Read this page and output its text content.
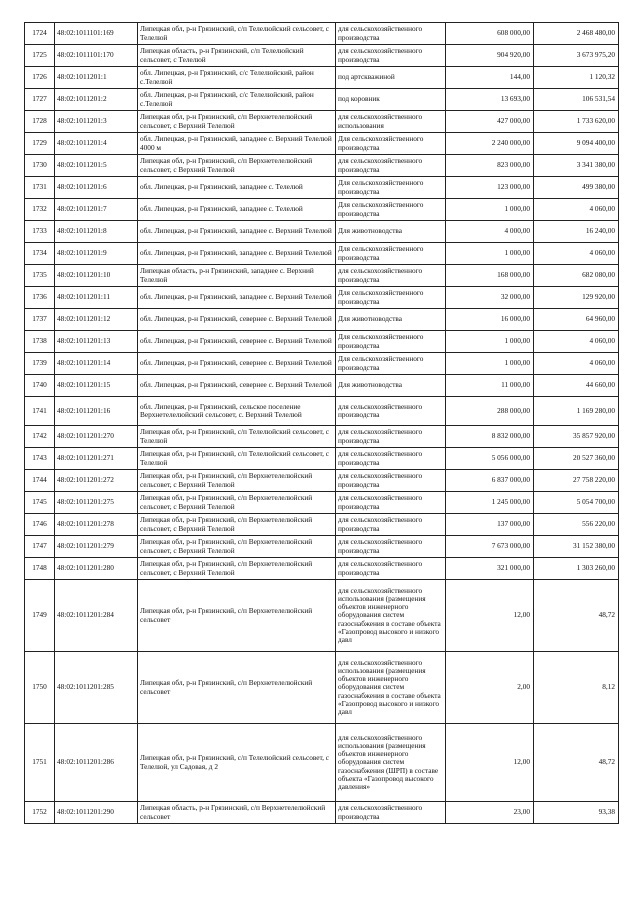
1724	48:02:1011101:169	Липецкая обл, р-н Грязинский, с/п Телелюйский сельсовет, с Телелюй	для сельскохозяйственного производства	608 000,00	2 468 480,00
1725	48:02:1011101:170	Липецкая область, р-н Грязинский, с/п Телелюйский сельсовет, с Телелюй	для сельскохозяйственного производства	904 920,00	3 673 975,20
1726	48:02:1011201:1	обл. Липецкая, р-н Грязинский, с/с Телелюйский, район с.Телелюй	под артскважиной	144,00	1 120,32
1727	48:02:1011201:2	обл. Липецкая, р-н Грязинский, с/с Телелюйский, район с.Телелюй	под коровник	13 693,00	106 531,54
1728	48:02:1011201:3	Липецкая обл, р-н Грязинский, с/п Верхнетелелюйский сельсовет, с Верхний Телелюй	для сельскохозяйственного использования	427 000,00	1 733 620,00
1729	48:02:1011201:4	обл. Липецкая, р-н Грязинский, западнее с. Верхний Телелюй 4000 м	Для сельскохозяйственного производства	2 240 000,00	9 094 400,00
1730	48:02:1011201:5	Липецкая обл, р-н Грязинский, с/п Верхнетелелюйский сельсовет, с Верхний Телелюй	для сельскохозяйственного производства	823 000,00	3 341 380,00
1731	48:02:1011201:6	обл. Липецкая, р-н Грязинский, западнее с. Телелюй	Для сельскохозяйственного производства	123 000,00	499 380,00
1732	48:02:1011201:7	обл. Липецкая, р-н Грязинский, западнее с. Телелюй	Для сельскохозяйственного производства	1 000,00	4 060,00
1733	48:02:1011201:8	обл. Липецкая, р-н Грязинский, западнее с. Верхний Телелюй	Для животноводства	4 000,00	16 240,00
1734	48:02:1011201:9	обл. Липецкая, р-н Грязинский, западнее с. Верхний Телелюй	Для сельскохозяйственного производства	1 000,00	4 060,00
1735	48:02:1011201:10	Липецкая область, р-н Грязинский, западнее с. Верхний Телелюй	для сельскохозяйственного производства	168 000,00	682 080,00
1736	48:02:1011201:11	обл. Липецкая, р-н Грязинский, западнее с. Верхний Телелюй	Для сельскохозяйственного производства	32 000,00	129 920,00
1737	48:02:1011201:12	обл. Липецкая, р-н Грязинский, севернее с. Верхний Телелюй	Для животноводства	16 000,00	64 960,00
1738	48:02:1011201:13	обл. Липецкая, р-н Грязинский, севернее с. Верхний Телелюй	Для сельскохозяйственного производства	1 000,00	4 060,00
1739	48:02:1011201:14	обл. Липецкая, р-н Грязинский, севернее с. Верхний Телелюй	Для сельскохозяйственного производства	1 000,00	4 060,00
1740	48:02:1011201:15	обл. Липецкая, р-н Грязинский, севернее с. Верхний Телелюй	Для животноводства	11 000,00	44 660,00
1741	48:02:1011201:16	обл. Липецкая, р-н Грязинский, сельское поселение Верхнетелелюйский сельсовет, с. Верхний Телелюй	для сельскохозяйственного производства	288 000,00	1 169 280,00
1742	48:02:1011201:270	Липецкая обл, р-н Грязинский, с/п Телелюйский сельсовет, с Телелюй	для сельскохозяйственного производства	8 832 000,00	35 857 920,00
1743	48:02:1011201:271	Липецкая обл, р-н Грязинский, с/п Телелюйский сельсовет, с Телелюй	для сельскохозяйственного производства	5 056 000,00	20 527 360,00
1744	48:02:1011201:272	Липецкая обл, р-н Грязинский, с/п Верхнетелелюйский сельсовет, с Верхний Телелюй	для сельскохозяйственного производства	6 837 000,00	27 758 220,00
1745	48:02:1011201:275	Липецкая обл, р-н Грязинский, с/п Верхнетелелюйский сельсовет, с Верхний Телелюй	для сельскохозяйственного производства	1 245 000,00	5 054 700,00
1746	48:02:1011201:278	Липецкая обл, р-н Грязинский, с/п Верхнетелелюйский сельсовет, с Верхний Телелюй	для сельскохозяйственного производства	137 000,00	556 220,00
1747	48:02:1011201:279	Липецкая обл, р-н Грязинский, с/п Верхнетелелюйский сельсовет, с Верхний Телелюй	для сельскохозяйственного производства	7 673 000,00	31 152 380,00
1748	48:02:1011201:280	Липецкая обл, р-н Грязинский, с/п Верхнетелелюйский сельсовет, с Верхний Телелюй	для сельскохозяйственного производства	321 000,00	1 303 260,00
1749	48:02:1011201:284	Липецкая обл, р-н Грязинский, с/п Верхнетелелюйский сельсовет	для сельскохозяйственного использования (размещения объектов инженерного оборудования систем газоснабжения в составе объекта «Газопровод высокого и низкого давл	12,00	48,72
1750	48:02:1011201:285	Липецкая обл, р-н Грязинский, с/п Верхнетелелюйский сельсовет	для сельскохозяйственного использования (размещения объектов инженерного оборудования систем газоснабжения в составе объекта «Газопровод высокого и низкого давл	2,00	8,12
1751	48:02:1011201:286	Липецкая обл, р-н Грязинский, с/п Телелюйский сельсовет, с Телелюй, ул Садовая, д 2	для сельскохозяйственного использования (размещения объектов инженерного оборудования систем газоснабжения (ШРП) в составе объекта «Газопровод высокого давления»	12,00	48,72
1752	48:02:1011201:290	Липецкая область, р-н Грязинский, с/п Верхнетелелюйский сельсовет	для сельскохозяйственного производства	23,00	93,38
